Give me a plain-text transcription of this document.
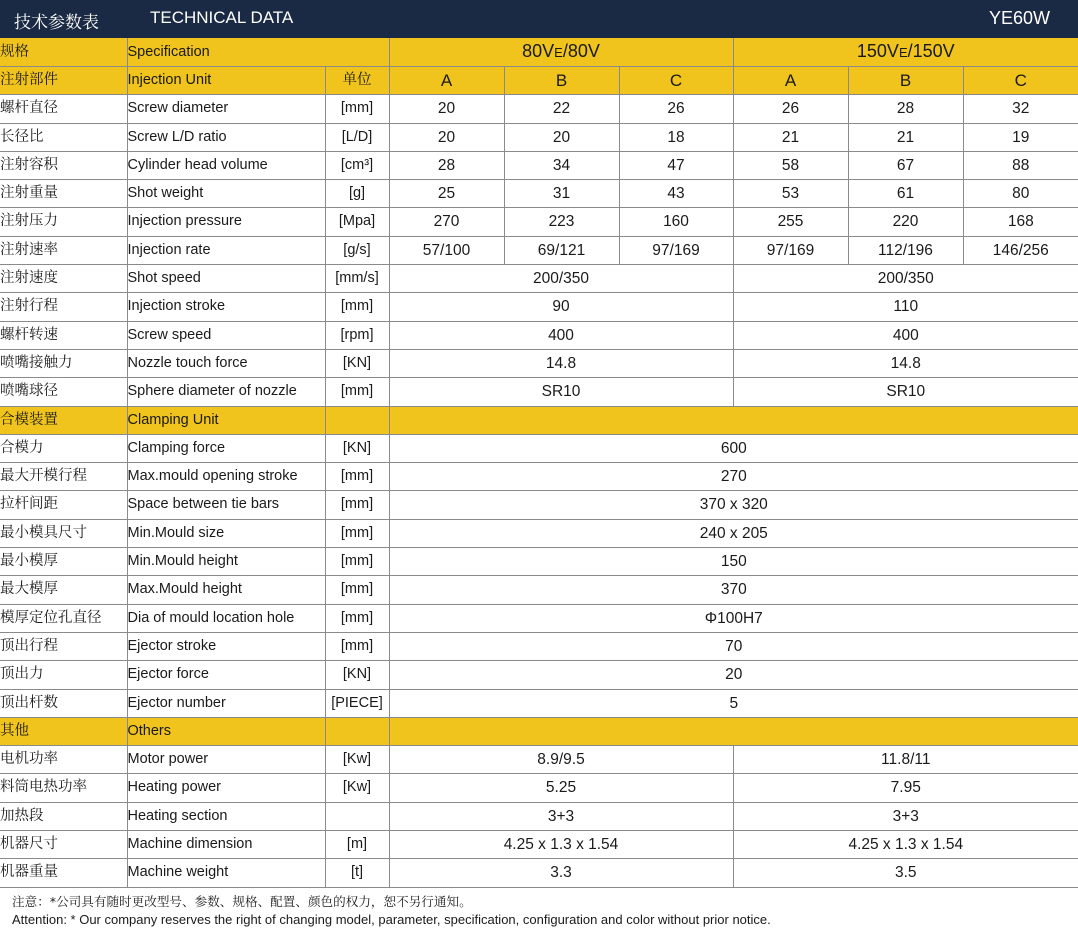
技术参数表	TECHNICAL DATA	YE60W
规格	Specification		80VE/80V			150VE/150V		
注射部件	Injection Unit	单位	A	B	C	A	B	C
螺杆直径	Screw diameter	[mm]	20	22	26	26	28	32
长径比	Screw L/D ratio	[L/D]	20	20	18	21	21	19
注射容积	Cylinder head volume	[cm³]	28	34	47	58	67	88
注射重量	Shot weight	[g]	25	31	43	53	61	80
注射压力	Injection pressure	[Mpa]	270	223	160	255	220	168
注射速率	Injection rate	[g/s]	57/100	69/121	97/169	97/169	112/196	146/256
注射速度	Shot speed	[mm/s]	200/350			200/350		
注射行程	Injection stroke	[mm]	90			110		
螺杆转速	Screw speed	[rpm]	400			400		
喷嘴接触力	Nozzle touch force	[KN]	14.8			14.8		
喷嘴球径	Sphere diameter of nozzle	[mm]	SR10			SR10		
合模装置	Clamping Unit							
合模力	Clamping force	[KN]	600					
最大开模行程	Max.mould opening stroke	[mm]	270					
拉杆间距	Space between tie bars	[mm]	370 x 320					
最小模具尺寸	Min.Mould size	[mm]	240 x 205					
最小模厚	Min.Mould height	[mm]	150					
最大模厚	Max.Mould height	[mm]	370					
模厚定位孔直径	Dia of mould location hole	[mm]	Φ100H7					
顶出行程	Ejector stroke	[mm]	70					
顶出力	Ejector force	[KN]	20					
顶出杆数	Ejector number	[PIECE]	5					
其他	Others							
电机功率	Motor power	[Kw]	8.9/9.5			11.8/11		
料筒电热功率	Heating power	[Kw]	5.25			7.95		
加热段	Heating section		3+3			3+3		
机器尺寸	Machine dimension	[m]	4.25 x 1.3 x 1.54			4.25 x 1.3 x 1.54		
机器重量	Machine weight	[t]	3.3			3.5		
注意：*公司具有随时更改型号、参数、规格、配置、颜色的权力，恕不另行通知。
Attention: * Our company reserves the right of changing model, parameter, specification, configuration and color without prior notice.
